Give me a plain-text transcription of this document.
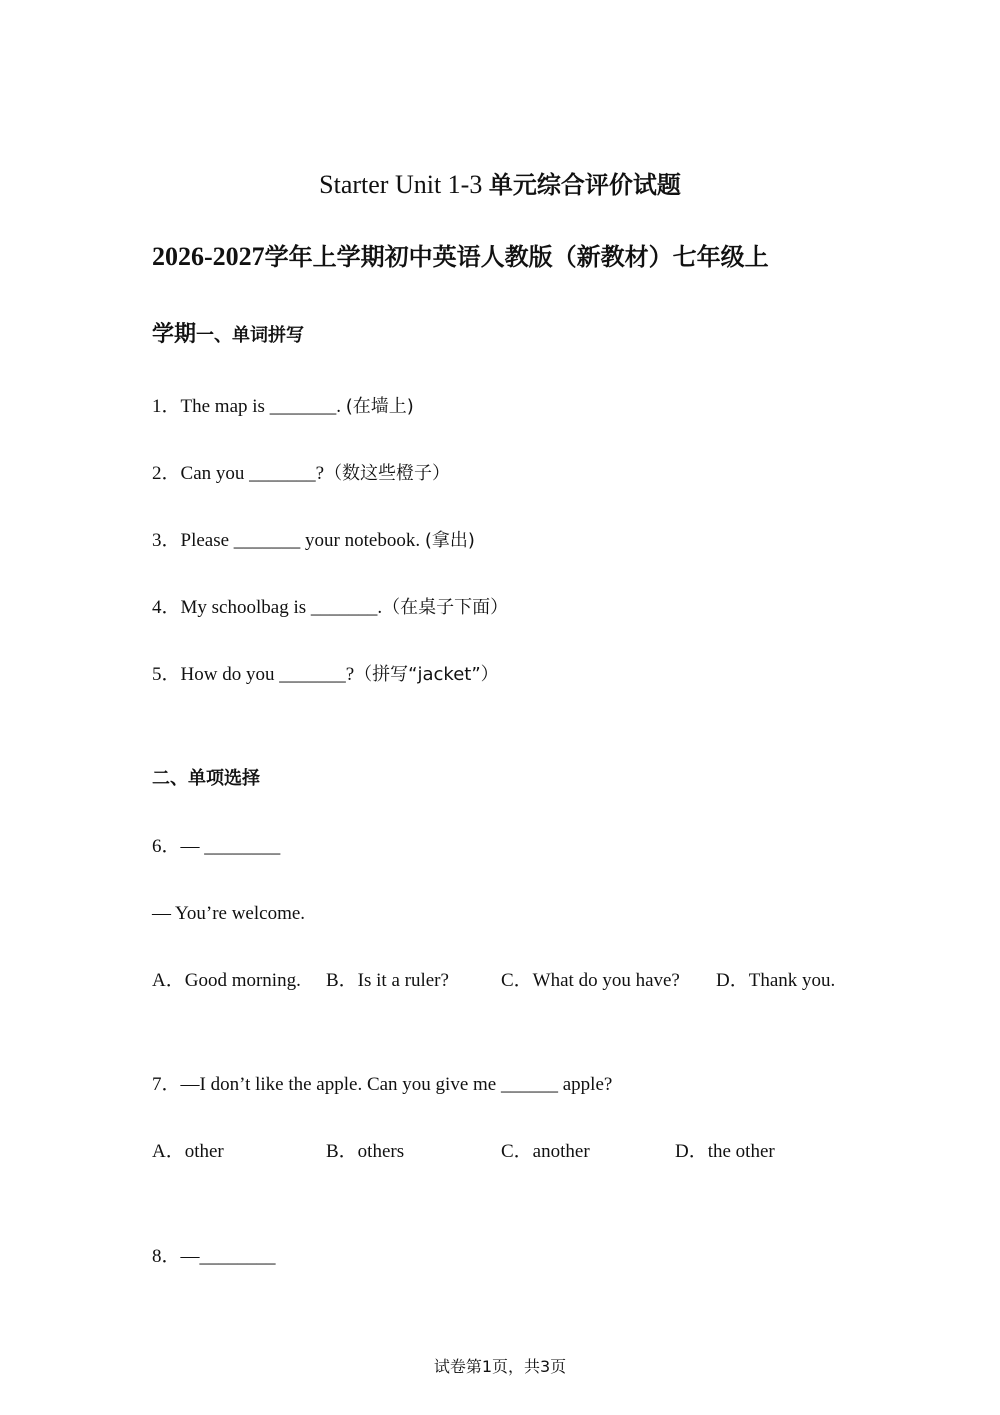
Starter Unit 1-3 单元综合评价试题
2026-2027学年上学期初中英语人教版（新教材）七年级上
学期一、单词拼写
1．The map is _______. (在墙上)
2．Can you _______?（数这些橙子）
3．Please _______ your notebook. (拿出)
4．My schoolbag is _______.（在桌子下面）
5．How do you _______?（拼写“jacket”）
二、单项选择
6．— ________
— You’re welcome.
A．Good morning. B．Is it a ruler?	C．What do you have? D．Thank you.
7．—I don’t like the apple. Can you give me ______ apple?
A．other	B．others	C．another	D．the other
8．—________
试卷第1页，共3页
